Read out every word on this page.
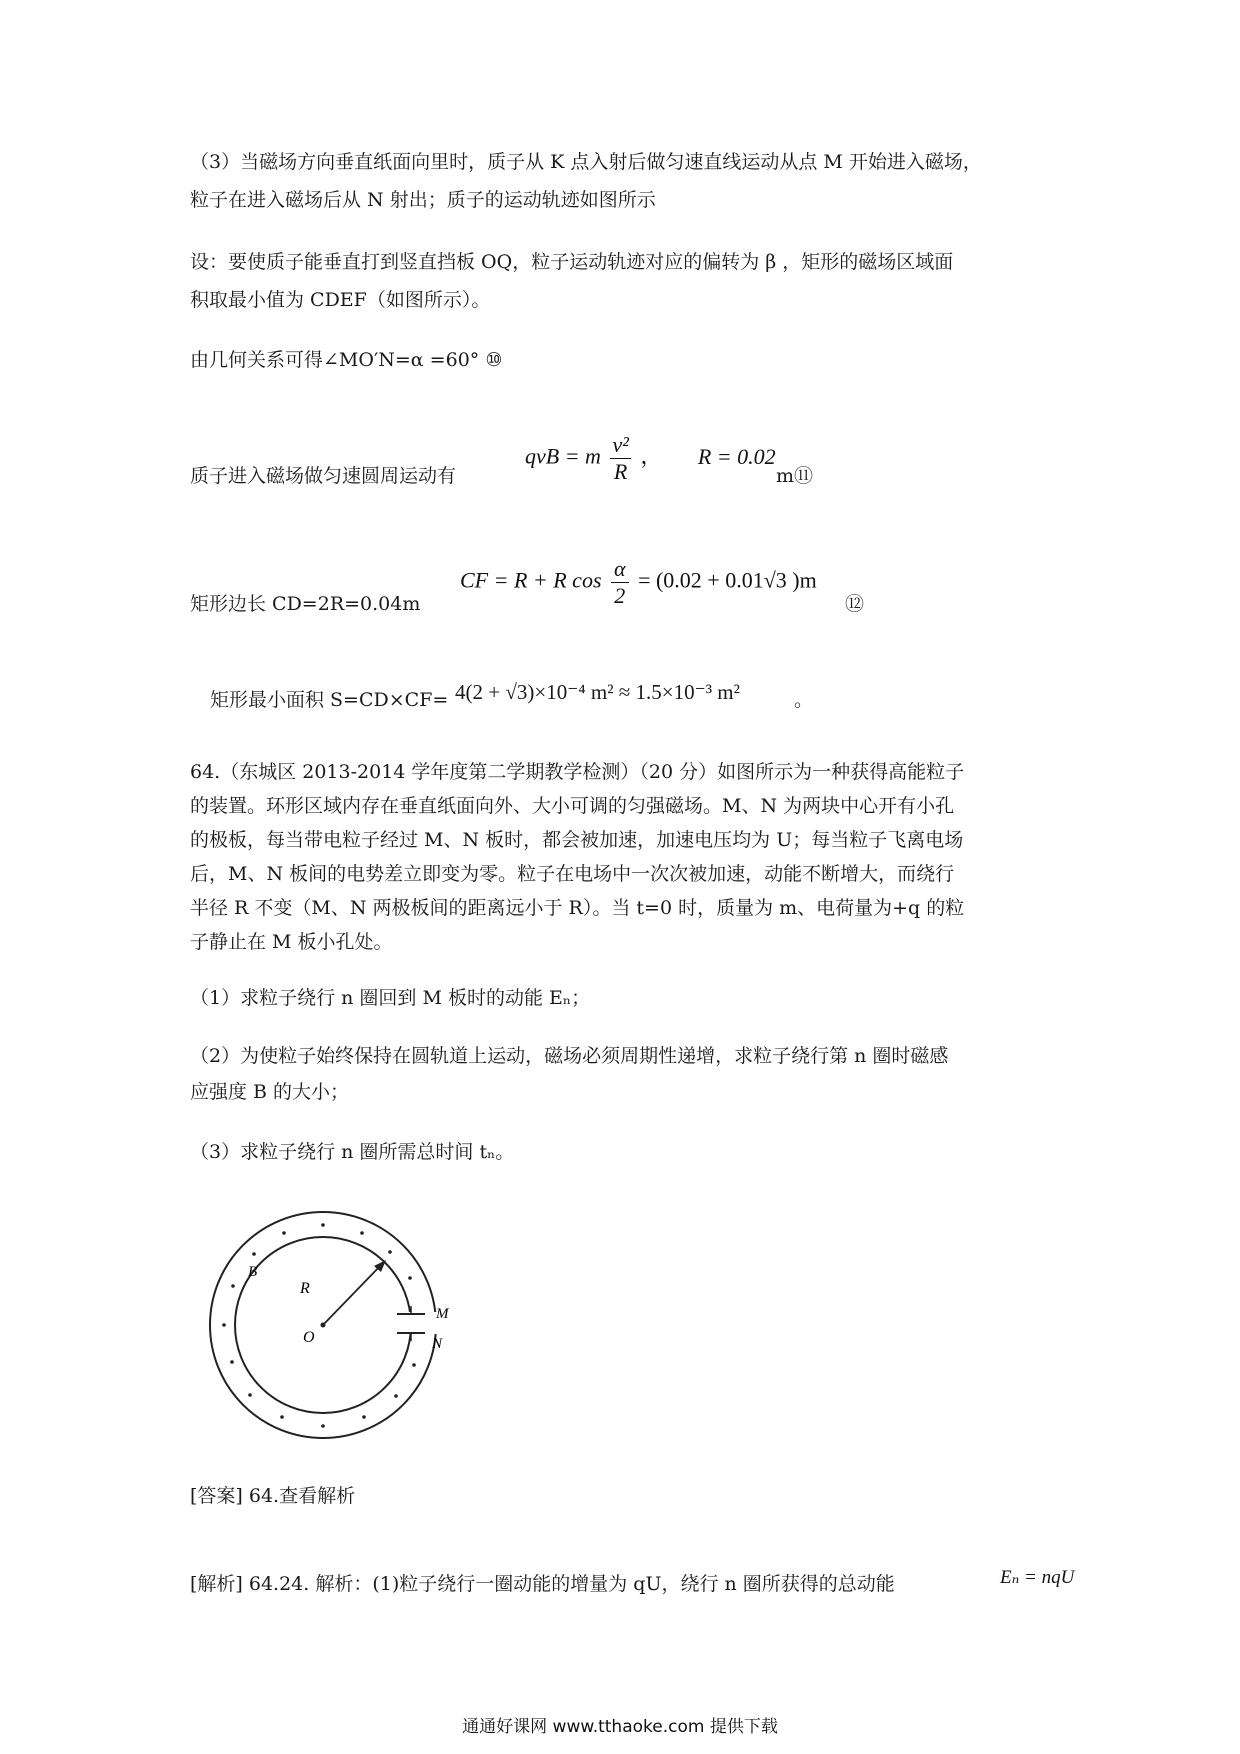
（3）当磁场方向垂直纸面向里时，质子从 K 点入射后做匀速直线运动从点 M 开始进入磁场，
粒子在进入磁场后从 N 射出；质子的运动轨迹如图所示
设：要使质子能垂直打到竖直挡板 OQ，粒子运动轨迹对应的偏转为 β ，矩形的磁场区域面
积取最小值为 CDEF（如图所示）。
由几何关系可得∠MO′N=α =60° ⑩
质子进入磁场做匀速圆周运动有
qvB = m $\frac{\text{v²}}{R}$ ， R = 0.02
m⑪
矩形边长 CD=2R=0.04m
CF = R + R $\cos \frac{\alpha}{2} = (0.02 + 0.01√3$ )m
⑫
矩形最小面积 S=CD×CF= 4(2 + √3)×10⁻⁴ m² ≈ 1.5×10⁻³ m²	。
64.（东城区 2013-2014 学年度第二学期教学检测）（20 分）如图所示为一种获得高能粒子
的装置。环形区域内存在垂直纸面向外、大小可调的匀强磁场。M、N 为两块中心开有小孔
的极板，每当带电粒子经过 M、N 板时，都会被加速，加速电压均为 U；每当粒子飞离电场
后，M、N 板间的电势差立即变为零。粒子在电场中一次次被加速，动能不断增大，而绕行
半径 R 不变（M、N 两极板间的距离远小于 R）。当 t=0 时，质量为 m、电荷量为+q 的粒
子静止在 M 板小孔处。
（1）求粒子绕行 n 圈回到 M 板时的动能 Eₙ；
（2）为使粒子始终保持在圆轨道上运动，磁场必须周期性递增，求粒子绕行第 n 圈时磁感
应强度 B 的大小；
（3）求粒子绕行 n 圈所需总时间 tₙ。
R
O
B
M
N
[答案] 64.查看解析
[解析] 64.24. 解析：(1)粒子绕行一圈动能的增量为 qU，绕行 n 圈所获得的总动能	Eₙ = nqU
通通好课网 www.tthaoke.com 提供下载
